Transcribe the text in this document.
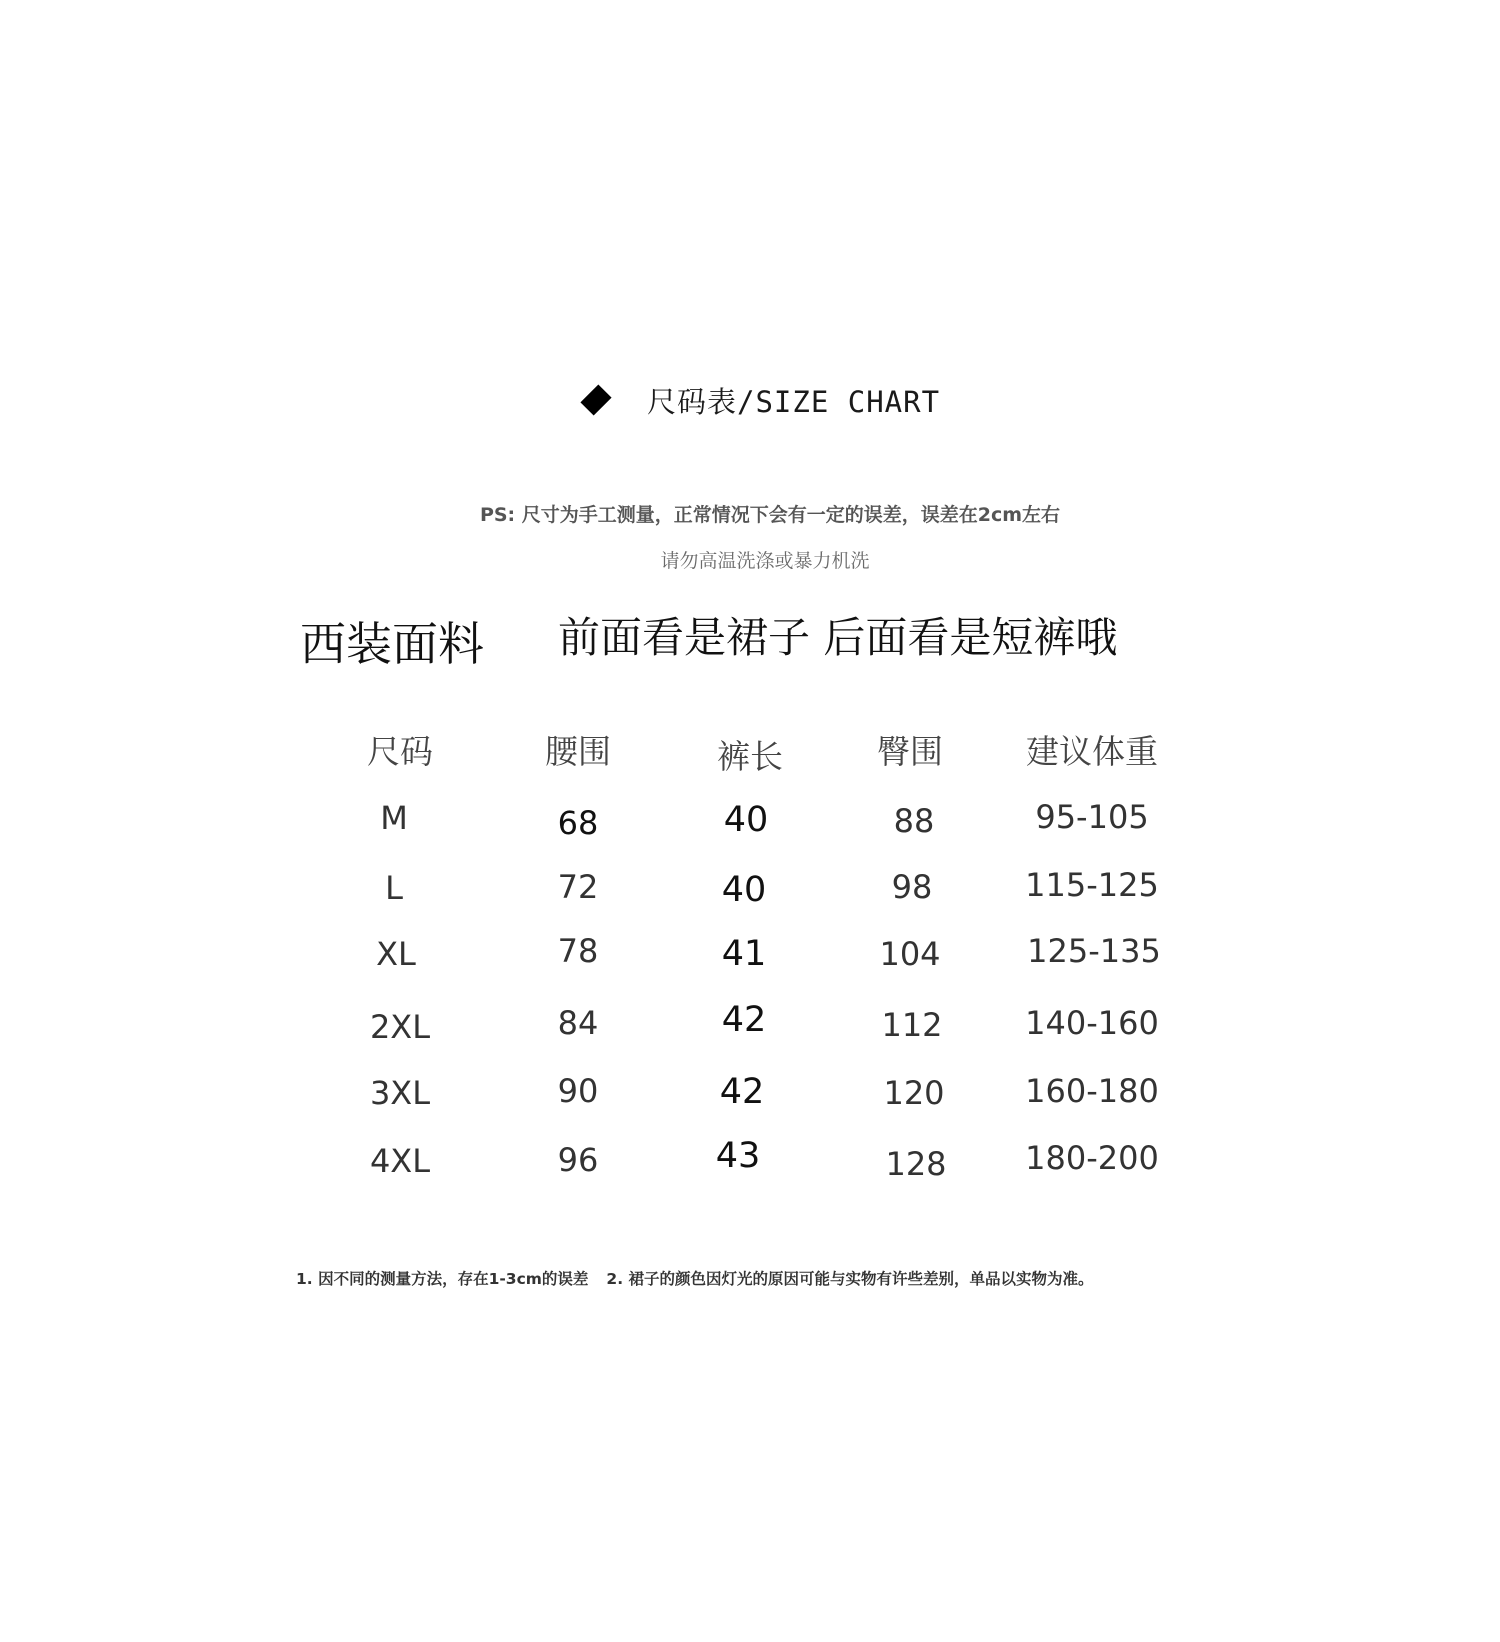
尺码表/SIZE CHART
PS: 尺寸为手工测量，正常情况下会有一定的误差，误差在2cm左右
请勿高温洗涤或暴力机洗
西装面料 前面看是裙子 后面看是短裤哦
尺码	腰围	裤长	臀围	建议体重
M	68	40	88	95-105
L	72	40	98	115-125
XL	78	41	104	125-135
2XL	84	42	112	140-160
3XL	90	42	120	160-180
4XL	96	43	128	180-200
1. 因不同的测量方法，存在1-3cm的误差 2. 裙子的颜色因灯光的原因可能与实物有许些差别，单品以实物为准。
